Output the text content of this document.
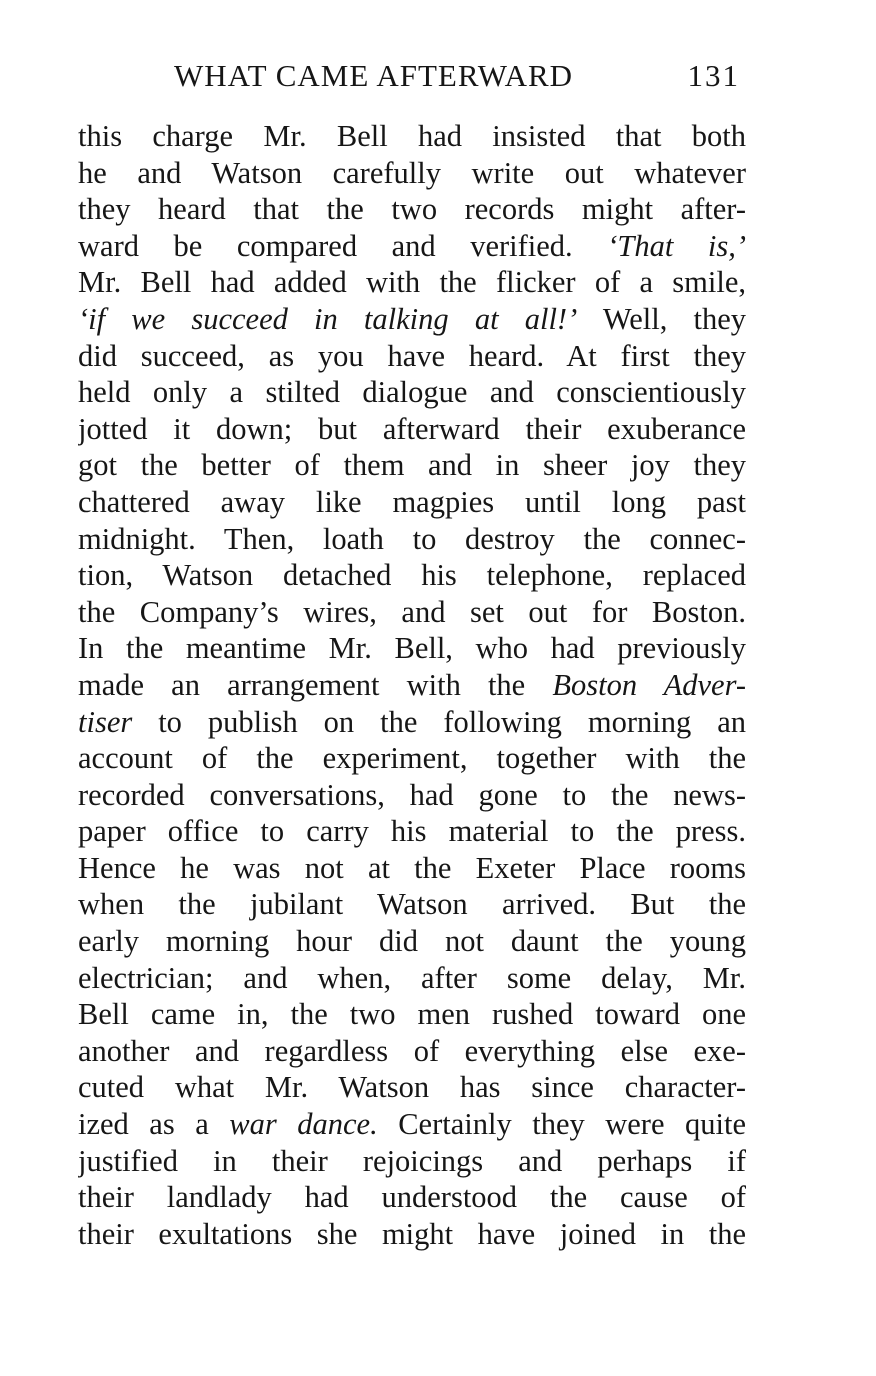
WHAT CAME AFTERWARD	131
this charge Mr. Bell had insisted that both
he and Watson carefully write out whatever
they heard that the two records might after-
ward be compared and verified. ‘That is,’
Mr. Bell had added with the flicker of a smile,
‘if we succeed in talking at all!’ Well, they
did succeed, as you have heard. At first they
held only a stilted dialogue and conscientiously
jotted it down; but afterward their exuberance
got the better of them and in sheer joy they
chattered away like magpies until long past
midnight. Then, loath to destroy the connec-
tion, Watson detached his telephone, replaced
the Company’s wires, and set out for Boston.
In the meantime Mr. Bell, who had previously
made an arrangement with the Boston Adver-
tiser to publish on the following morning an
account of the experiment, together with the
recorded conversations, had gone to the news-
paper office to carry his material to the press.
Hence he was not at the Exeter Place rooms
when the jubilant Watson arrived. But the
early morning hour did not daunt the young
electrician; and when, after some delay, Mr.
Bell came in, the two men rushed toward one
another and regardless of everything else exe-
cuted what Mr. Watson has since character-
ized as a war dance. Certainly they were quite
justified in their rejoicings and perhaps if
their landlady had understood the cause of
their exultations she might have joined in the
